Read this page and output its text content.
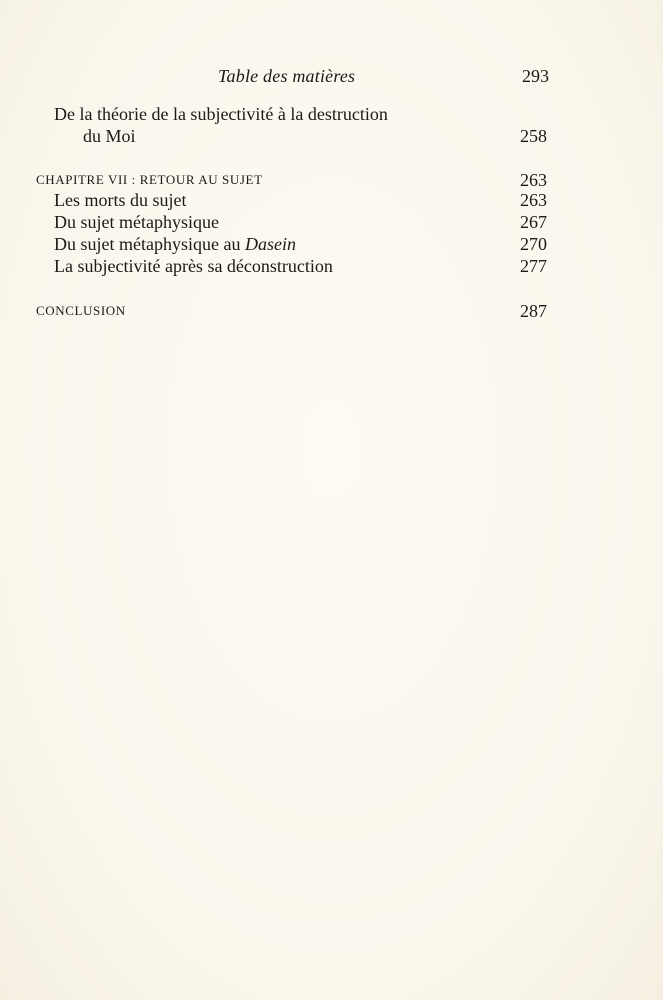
Table des matières	293
De la théorie de la subjectivité à la destruction
du Moi	258
CHAPITRE VII : RETOUR AU SUJET	263
Les morts du sujet	263
Du sujet métaphysique	267
Du sujet métaphysique au Dasein	270
La subjectivité après sa déconstruction	277
CONCLUSION	287
